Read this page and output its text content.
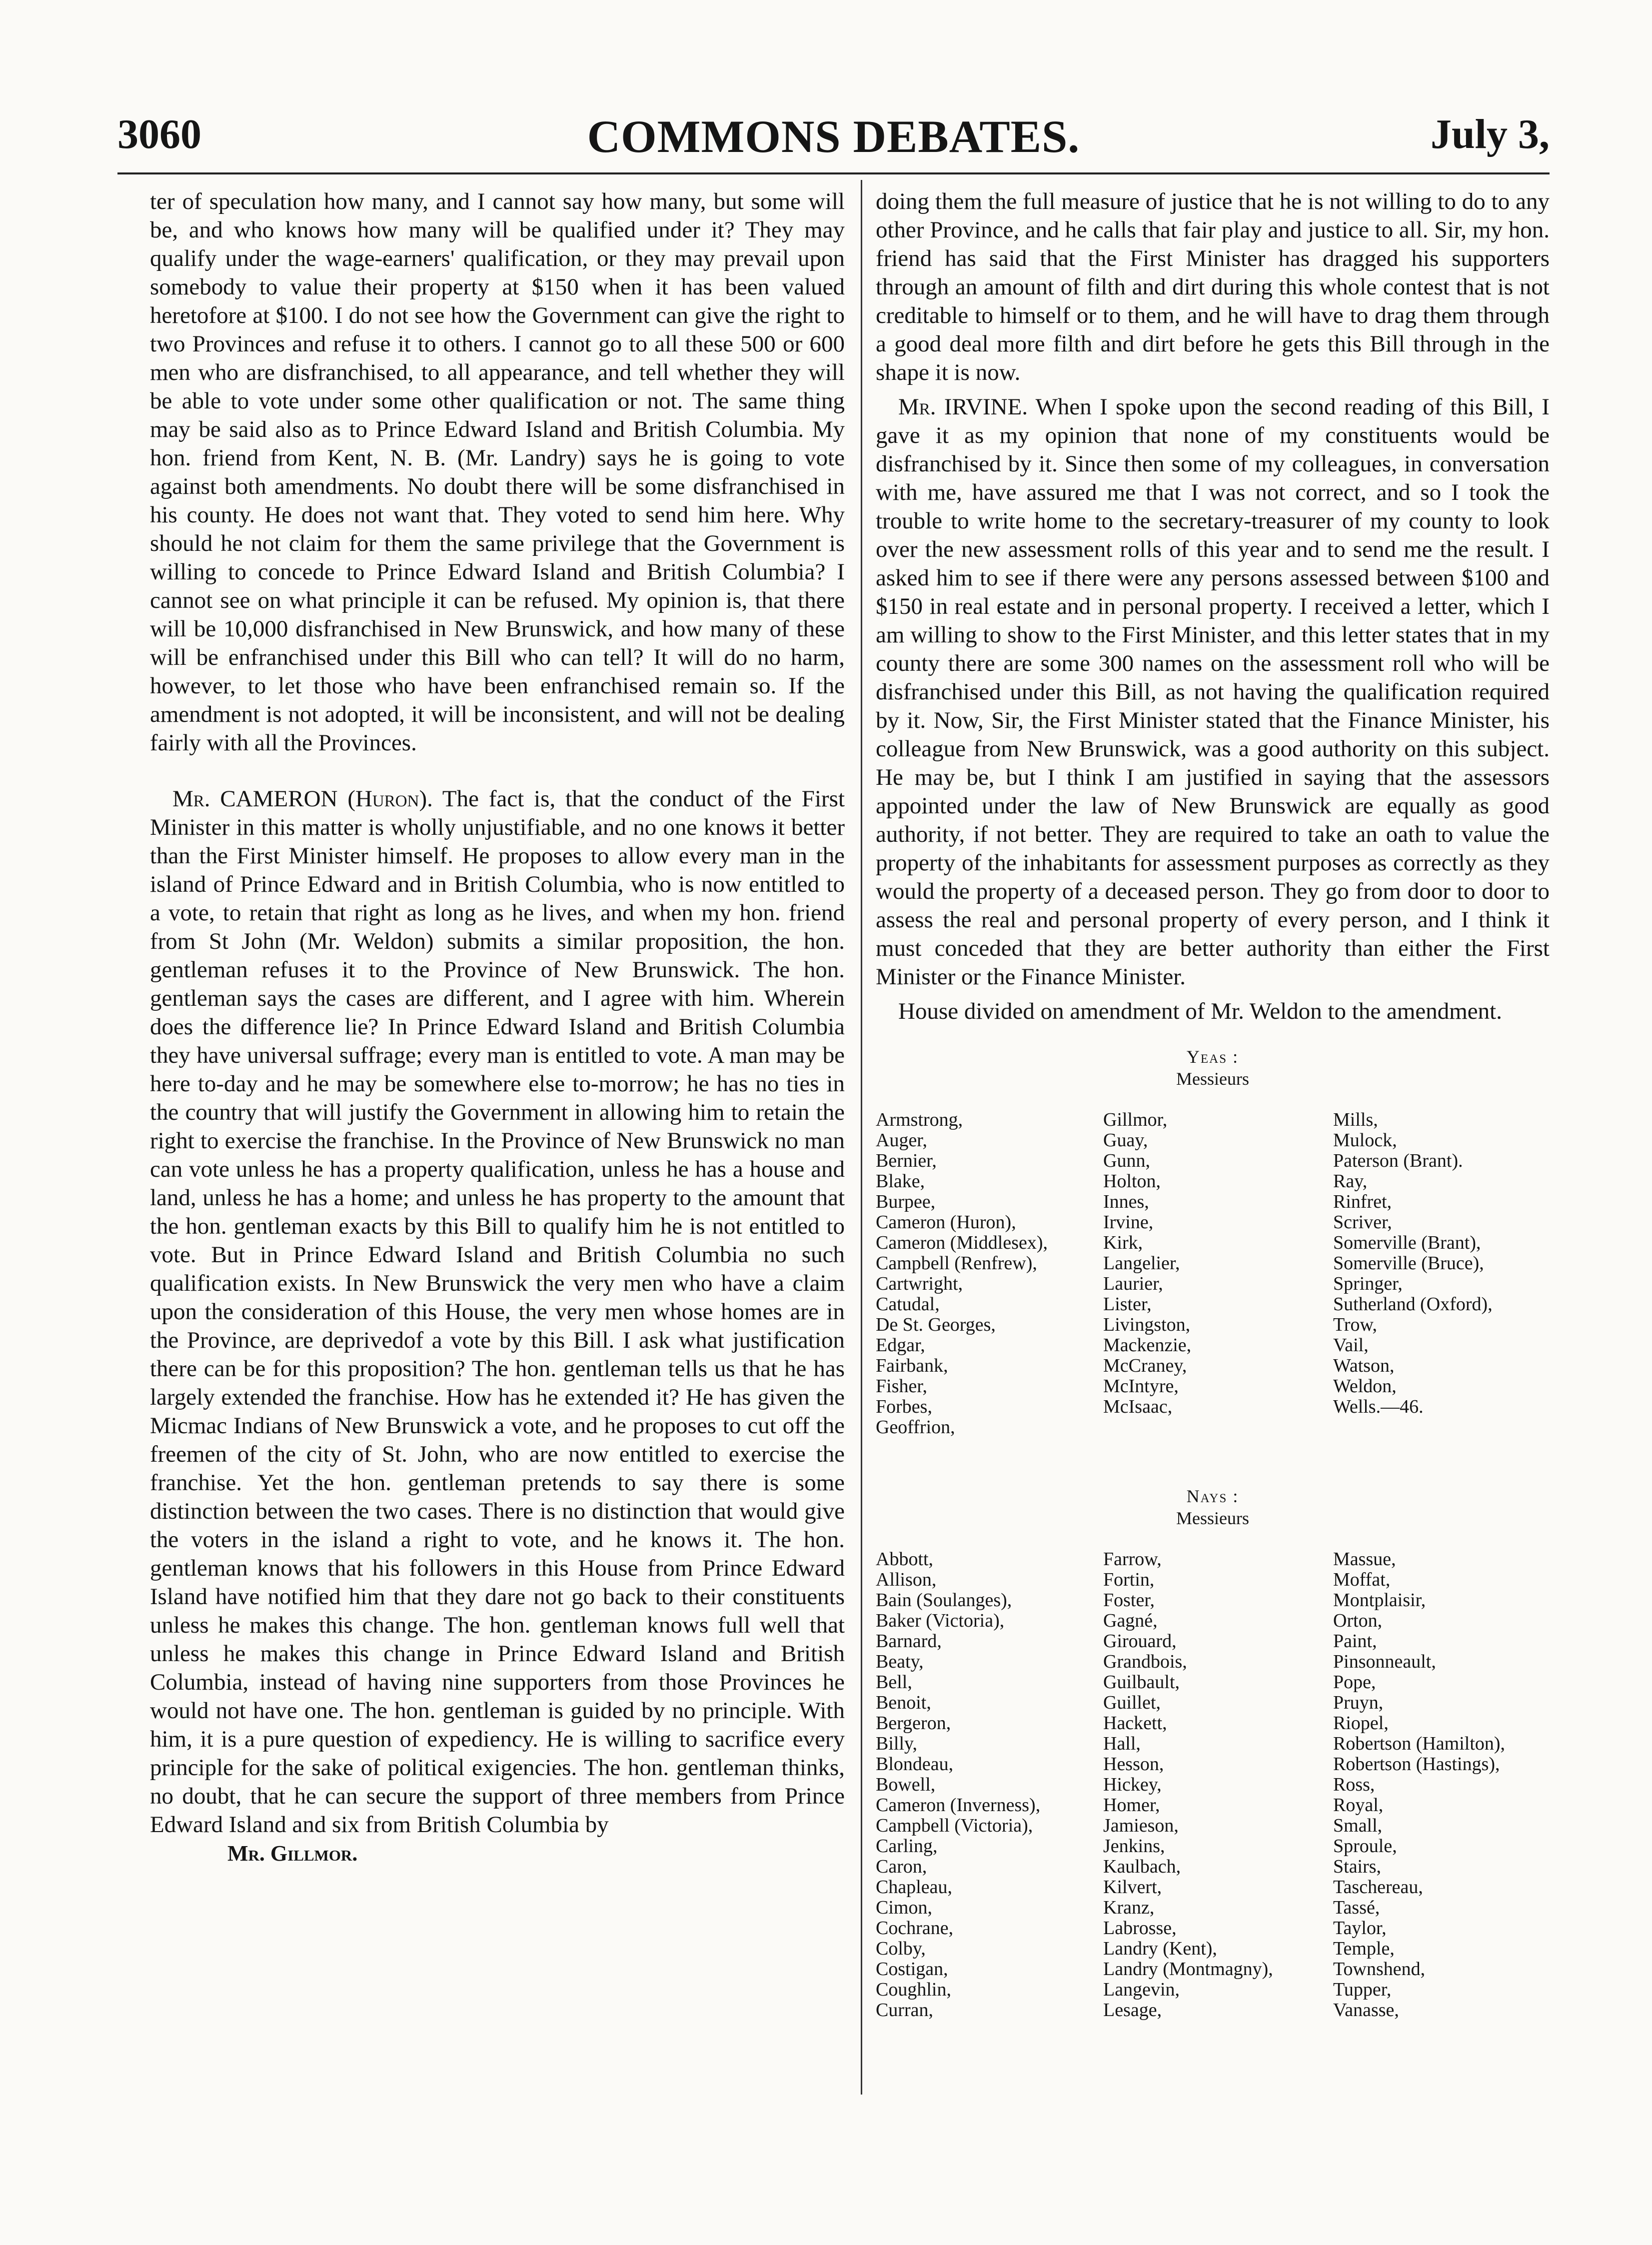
3060	COMMONS DEBATES.	July 3,

ter of speculation how many, and I cannot say how many, but some will be, and who knows how many will be qualified under it? They may qualify under the wage-earners' qualification, or they may prevail upon somebody to value their property at $150 when it has been valued heretofore at $100. I do not see how the Government can give the right to two Provinces and refuse it to others. I cannot go to all these 500 or 600 men who are disfranchised, to all appearance, and tell whether they will be able to vote under some other qualification or not. The same thing may be said also as to Prince Edward Island and British Columbia. My hon. friend from Kent, N. B. (Mr. Landry) says he is going to vote against both amendments. No doubt there will be some disfranchised in his county. He does not want that. They voted to send him here. Why should he not claim for them the same privilege that the Government is willing to concede to Prince Edward Island and British Columbia? I cannot see on what principle it can be refused. My opinion is, that there will be 10,000 disfranchised in New Brunswick, and how many of these will be enfranchised under this Bill who can tell? It will do no harm, however, to let those who have been enfranchised remain so. If the amendment is not adopted, it will be inconsistent, and will not be dealing fairly with all the Provinces.

Mr. CAMERON (Huron). The fact is, that the conduct of the First Minister in this matter is wholly unjustifiable, and no one knows it better than the First Minister himself. He proposes to allow every man in the island of Prince Edward and in British Columbia, who is now entitled to a vote, to retain that right as long as he lives, and when my hon. friend from St John (Mr. Weldon) submits a similar proposition, the hon. gentleman refuses it to the Province of New Brunswick. The hon. gentleman says the cases are different, and I agree with him. Wherein does the difference lie? In Prince Edward Island and British Columbia they have universal suffrage; every man is entitled to vote. A man may be here to-day and he may be somewhere else to-morrow; he has no ties in the country that will justify the Government in allowing him to retain the right to exercise the franchise. In the Province of New Brunswick no man can vote unless he has a property qualification, unless he has a house and land, unless he has a home; and unless he has property to the amount that the hon. gentleman exacts by this Bill to qualify him he is not entitled to vote. But in Prince Edward Island and British Columbia no such qualification exists. In New Brunswick the very men who have a claim upon the consideration of this House, the very men whose homes are in the Province, are deprivedof a vote by this Bill. I ask what justification there can be for this proposition? The hon. gentleman tells us that he has largely extended the franchise. How has he extended it? He has given the Micmac Indians of New Brunswick a vote, and he proposes to cut off the freemen of the city of St. John, who are now entitled to exercise the franchise. Yet the hon. gentleman pretends to say there is some distinction between the two cases. There is no distinction that would give the voters in the island a right to vote, and he knows it. The hon. gentleman knows that his followers in this House from Prince Edward Island have notified him that they dare not go back to their constituents unless he makes this change. The hon. gentleman knows full well that unless he makes this change in Prince Edward Island and British Columbia, instead of having nine supporters from those Provinces he would not have one. The hon. gentleman is guided by no principle. With him, it is a pure question of expediency. He is willing to sacrifice every principle for the sake of political exigencies. The hon. gentleman thinks, no doubt, that he can secure the support of three members from Prince Edward Island and six from British Columbia by

Mr. Gillmor.

doing them the full measure of justice that he is not willing to do to any other Province, and he calls that fair play and justice to all. Sir, my hon. friend has said that the First Minister has dragged his supporters through an amount of filth and dirt during this whole contest that is not creditable to himself or to them, and he will have to drag them through a good deal more filth and dirt before he gets this Bill through in the shape it is now.

Mr. IRVINE. When I spoke upon the second reading of this Bill, I gave it as my opinion that none of my constituents would be disfranchised by it. Since then some of my colleagues, in conversation with me, have assured me that I was not correct, and so I took the trouble to write home to the secretary-treasurer of my county to look over the new assessment rolls of this year and to send me the result. I asked him to see if there were any persons assessed between $100 and $150 in real estate and in personal property. I received a letter, which I am willing to show to the First Minister, and this letter states that in my county there are some 300 names on the assessment roll who will be disfranchised under this Bill, as not having the qualification required by it. Now, Sir, the First Minister stated that the Finance Minister, his colleague from New Brunswick, was a good authority on this subject. He may be, but I think I am justified in saying that the assessors appointed under the law of New Brunswick are equally as good authority, if not better. They are required to take an oath to value the property of the inhabitants for assessment purposes as correctly as they would the property of a deceased person. They go from door to door to assess the real and personal property of every person, and I think it must conceded that they are better authority than either the First Minister or the Finance Minister.

House divided on amendment of Mr. Weldon to the amendment.

Yeas :
Messieurs
Armstrong,
Auger,
Bernier,
Blake,
Burpee,
Cameron (Huron),
Cameron (Middlesex),
Campbell (Renfrew),
Cartwright,
Catudal,
De St. Georges,
Edgar,
Fairbank,
Fisher,
Forbes,
Geoffrion,
Gillmor,
Guay,
Gunn,
Holton,
Innes,
Irvine,
Kirk,
Langelier,
Laurier,
Lister,
Livingston,
Mackenzie,
McCraney,
McIntyre,
McIsaac,
Mills,
Mulock,
Paterson (Brant).
Ray,
Rinfret,
Scriver,
Somerville (Brant),
Somerville (Bruce),
Springer,
Sutherland (Oxford),
Trow,
Vail,
Watson,
Weldon,
Wells.—46.
Nays :
Messieurs
Abbott,
Allison,
Bain (Soulanges),
Baker (Victoria),
Barnard,
Beaty,
Bell,
Benoit,
Bergeron,
Billy,
Blondeau,
Bowell,
Cameron (Inverness),
Campbell (Victoria),
Carling,
Caron,
Chapleau,
Cimon,
Cochrane,
Colby,
Costigan,
Coughlin,
Curran,
Farrow,
Fortin,
Foster,
Gagné,
Girouard,
Grandbois,
Guilbault,
Guillet,
Hackett,
Hall,
Hesson,
Hickey,
Homer,
Jamieson,
Jenkins,
Kaulbach,
Kilvert,
Kranz,
Labrosse,
Landry (Kent),
Landry (Montmagny),
Langevin,
Lesage,
Massue,
Moffat,
Montplaisir,
Orton,
Paint,
Pinsonneault,
Pope,
Pruyn,
Riopel,
Robertson (Hamilton),
Robertson (Hastings),
Ross,
Royal,
Small,
Sproule,
Stairs,
Taschereau,
Tassé,
Taylor,
Temple,
Townshend,
Tupper,
Vanasse,
